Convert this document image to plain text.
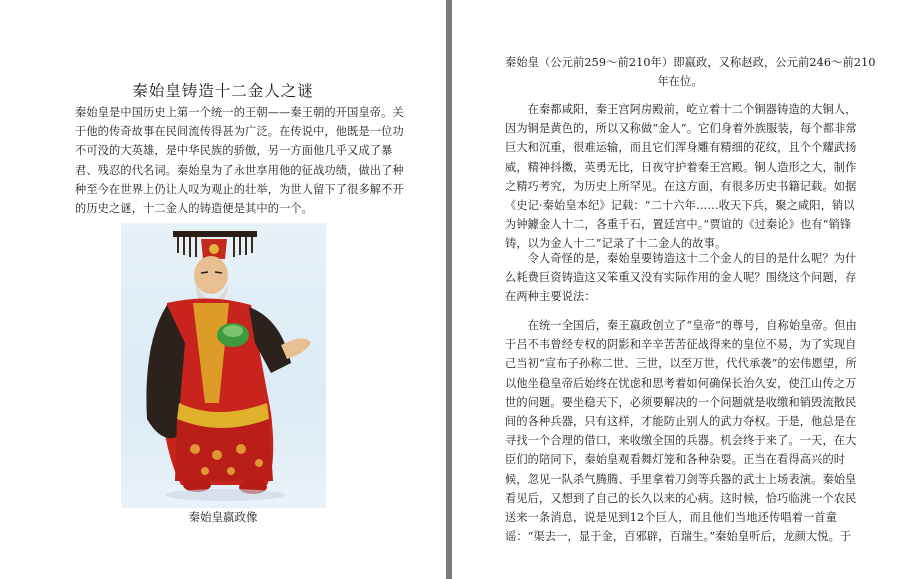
秦始皇铸造十二金人之谜
秦始皇是中国历史上第一个统一的王朝——秦王朝的开国皇帝。关
于他的传奇故事在民间流传得甚为广泛。在传说中，他既是一位功
不可没的大英雄，是中华民族的骄傲，另一方面他几乎又成了暴
君、残忍的代名词。秦始皇为了永世享用他的征战功绩，做出了种
种至今在世界上仍让人叹为观止的壮举，为世人留下了很多解不开
的历史之谜，十二金人的铸造便是其中的一个。
秦始皇嬴政像
秦始皇（公元前259～前210年）即嬴政，又称赵政，公元前246～前210
年在位。
　　在秦都咸阳，秦王宫阿房殿前，屹立着十二个铜器铸造的大铜人，
因为铜是黄色的，所以又称做“金人”。它们身着外族服装，每个都非常
巨大和沉重，很难运输，而且它们浑身雕有精细的花纹，且个个耀武扬
威，精神抖擞，英勇无比，日夜守护着秦王宫殿。铜人造形之大，制作
之精巧考究，为历史上所罕见。在这方面，有很多历史书籍记载。如据
《史记·秦始皇本纪》记载：“二十六年……收天下兵，聚之咸阳，销以
为钟鐻金人十二，各重千石，置廷宫中。”贾谊的《过秦论》也有“销锋
铸，以为金人十二”记录了十二金人的故事。
　　令人奇怪的是，秦始皇要铸造这十二个金人的目的是什么呢？为什
么耗费巨资铸造这又笨重又没有实际作用的金人呢？围绕这个问题，存
在两种主要说法：
　　在统一全国后，秦王嬴政创立了“皇帝”的尊号，自称始皇帝。但由
于吕不韦曾经专权的阴影和辛辛苦苦征战得来的皇位不易，为了实现自
己当初“宣布子孙称二世、三世，以至万世，代代承袭”的宏伟愿望，所
以他坐稳皇帝后始终在忧虑和思考着如何确保长治久安，使江山传之万
世的问题。要坐稳天下，必须要解决的一个问题就是收缴和销毁流散民
间的各种兵器，只有这样，才能防止别人的武力夺权。于是，他总是在
寻找一个合理的借口，来收缴全国的兵器。机会终于来了。一天，在大
臣们的陪同下，秦始皇观看舞灯笼和各种杂耍。正当在看得高兴的时
候，忽见一队杀气腾腾、手里拿着刀剑等兵器的武士上场表演。秦始皇
看见后，又想到了自己的长久以来的心病。这时候，恰巧临洮一个农民
送来一条消息，说是见到12个巨人，而且他们当地还传唱着一首童
谣：“渠去一，显于金，百邪辟，百瑞生。”秦始皇听后，龙颜大悦。于
